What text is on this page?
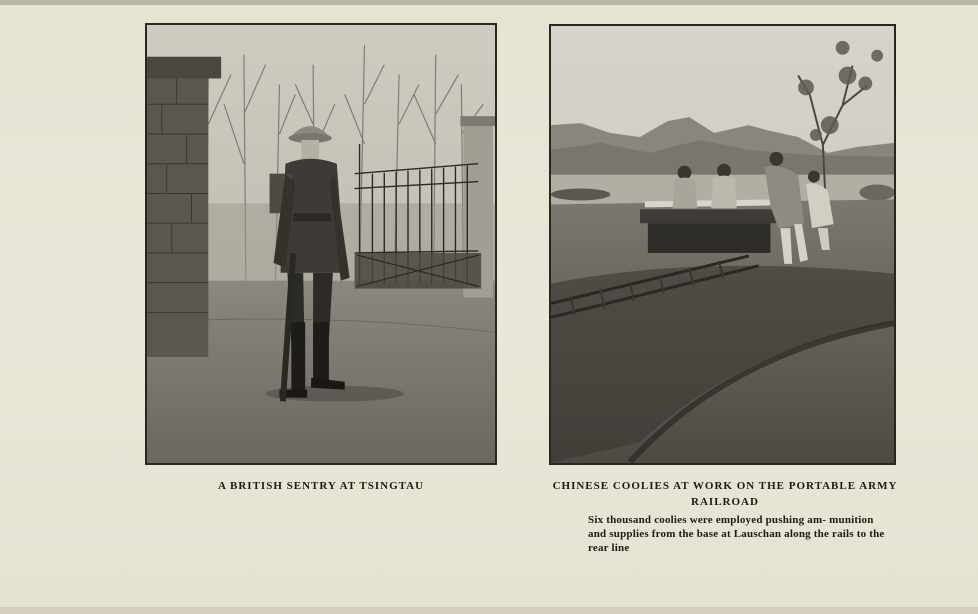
A BRITISH SENTRY AT TSINGTAU	CHINESE COOLIES AT WORK ON THE PORTABLE ARMY RAILROAD
Six thousand coolies were employed pushing am- munition and supplies from the base at Lauschan along the rails to the rear line
